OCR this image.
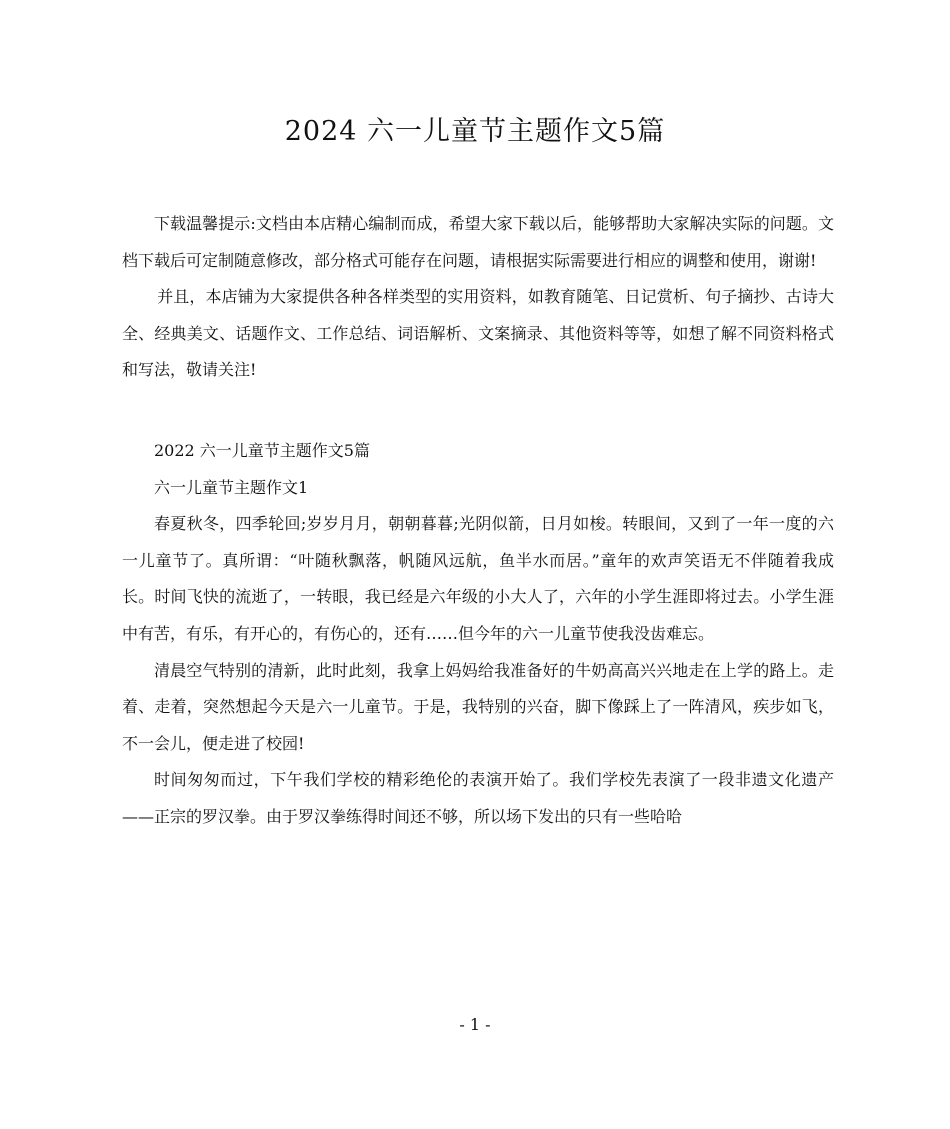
2024 六一儿童节主题作文5篇

下载温馨提示:文档由本店精心编制而成，希望大家下载以后，能够帮助大家解决实际的问题。文档下载后可定制随意修改，部分格式可能存在问题，请根据实际需要进行相应的调整和使用，谢谢!

并且，本店铺为大家提供各种各样类型的实用资料，如教育随笔、日记赏析、句子摘抄、古诗大全、经典美文、话题作文、工作总结、词语解析、文案摘录、其他资料等等，如想了解不同资料格式和写法，敬请关注!

2022 六一儿童节主题作文5篇

六一儿童节主题作文1

春夏秋冬，四季轮回;岁岁月月，朝朝暮暮;光阴似箭，日月如梭。转眼间，又到了一年一度的六一儿童节了。真所谓：“叶随秋飘落，帆随风远航，鱼半水而居。”童年的欢声笑语无不伴随着我成长。时间飞快的流逝了，一转眼，我已经是六年级的小大人了，六年的小学生涯即将过去。小学生涯中有苦，有乐，有开心的，有伤心的，还有……但今年的六一儿童节使我没齿难忘。

清晨空气特别的清新，此时此刻，我拿上妈妈给我准备好的牛奶高高兴兴地走在上学的路上。走着、走着，突然想起今天是六一儿童节。于是，我特别的兴奋，脚下像踩上了一阵清风，疾步如飞，不一会儿，便走进了校园!

时间匆匆而过，下午我们学校的精彩绝伦的表演开始了。我们学校先表演了一段非遗文化遗产——正宗的罗汉拳。由于罗汉拳练得时间还不够，所以场下发出的只有一些哈哈

- 1 -
